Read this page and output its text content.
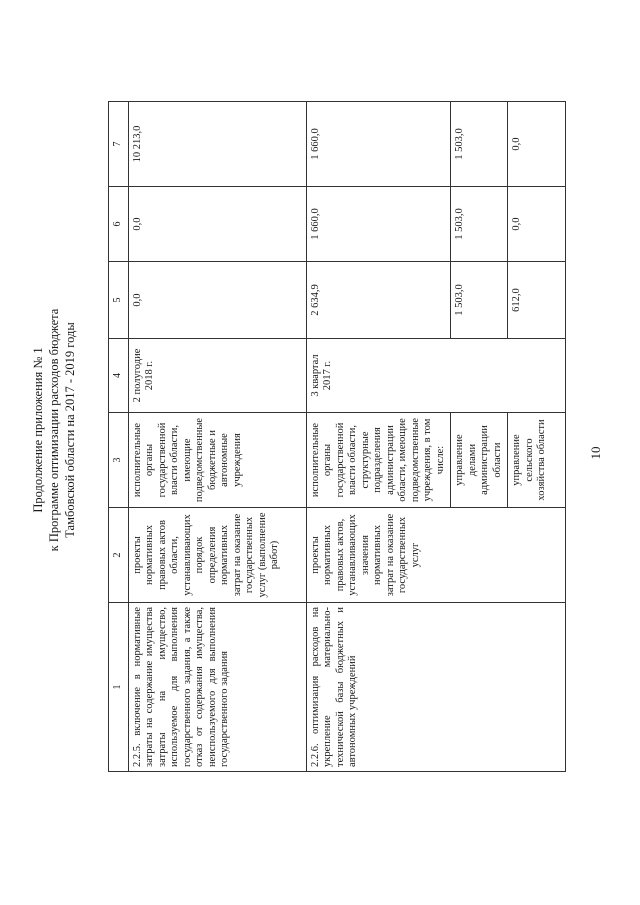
10
Продолжение приложения № 1 к Программе оптимизации расходов бюджета Тамбовской области на 2017 - 2019 годы
1	2	3	4	5	6	7
2.2.5. включение в нормативные затраты на содержание имущества затраты на имущество, используемое для выполнения государственного задания, а также отказ от содержания имущества, неиспользуемого для выполнения государственного задания	проекты нормативных правовых актов области, устанавливающих порядок определения нормативных затрат на оказание государственных услуг (выполнение работ)	исполнительные органы государственной власти области, имеющие подведомственные бюджетные и автономные учреждения	2 полугодие 2018 г.	0,0	0,0	10 213,0
2.2.6. оптимизация расходов на укрепление материально-технической базы бюджетных и автономных учреждений	проекты нормативных правовых актов, устанавливающих значения нормативных затрат на оказание государственных услуг	исполнительные органы государственной власти области, структурные подразделения администрации области, имеющие подведомственные учреждения, в том числе:	3 квартал 2017 г.	2 634,9	1 660,0	1 660,0
		управление делами администрации области		1 503,0	1 503,0	1 503,0
		управление сельского хозяйства области		612,0	0,0	0,0
